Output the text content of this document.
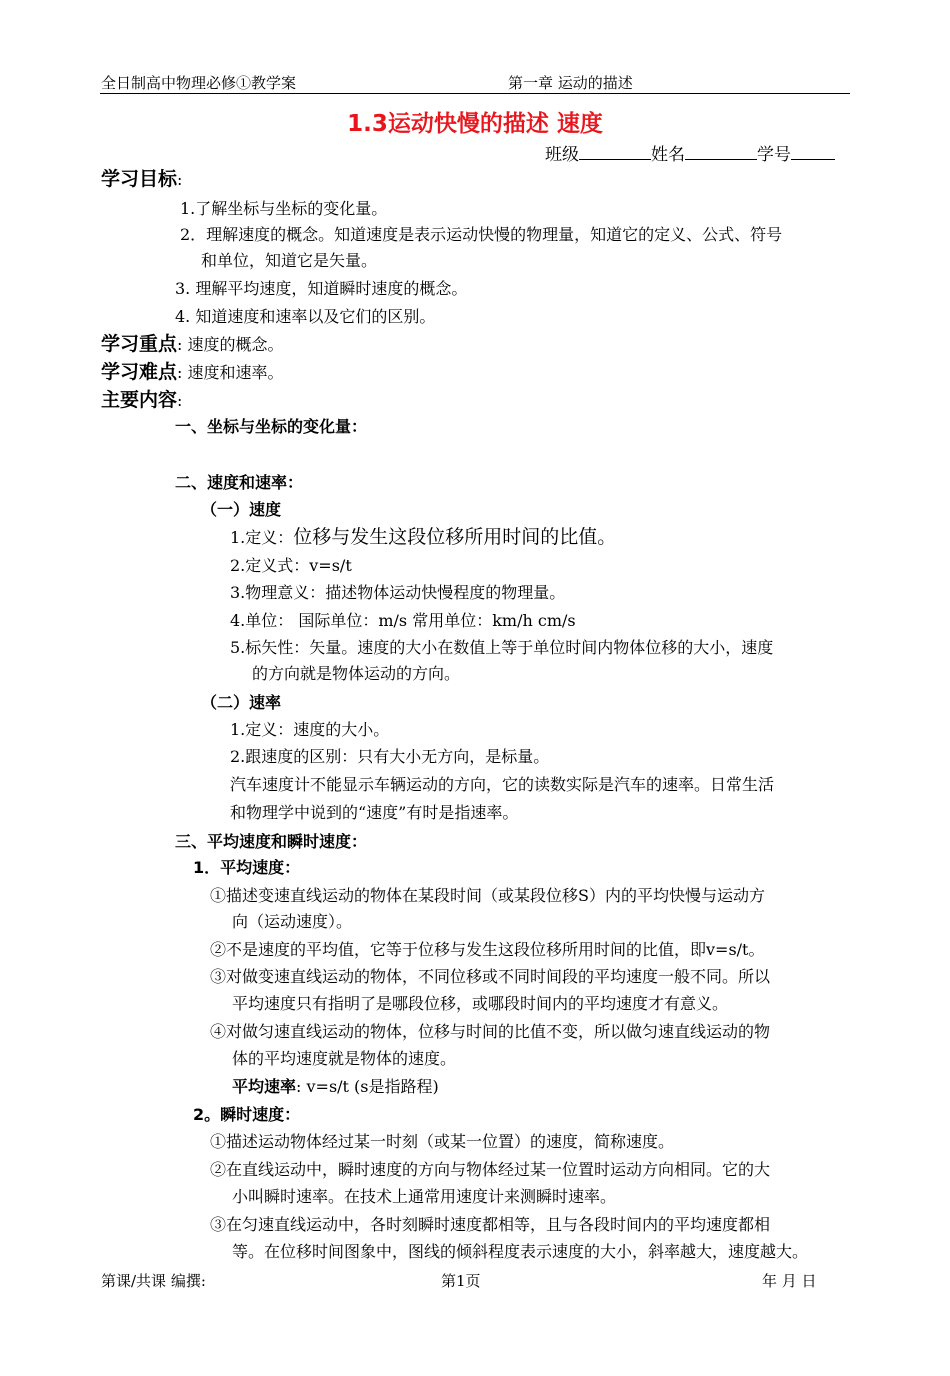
全日制高中物理必修①教学案	第一章 运动的描述
1.3运动快慢的描述 速度
班级	姓名	学号
学习目标:
1.了解坐标与坐标的变化量。
2．理解速度的概念。知道速度是表示运动快慢的物理量，知道它的定义、公式、符号
和单位，知道它是矢量。
3. 理解平均速度，知道瞬时速度的概念。
4. 知道速度和速率以及它们的区别。
学习重点: 速度的概念。
学习难点: 速度和速率。
主要内容:
一、坐标与坐标的变化量：
二、速度和速率：
（一）速度
1.定义：位移与发生这段位移所用时间的比值。
2.定义式：v=s/t
3.物理意义：描述物体运动快慢程度的物理量。
4.单位： 国际单位：m/s 常用单位：km/h cm/s
5.标矢性：矢量。速度的大小在数值上等于单位时间内物体位移的大小，速度
的方向就是物体运动的方向。
（二）速率
1.定义：速度的大小。
2.跟速度的区别：只有大小无方向，是标量。
汽车速度计不能显示车辆运动的方向，它的读数实际是汽车的速率。日常生活
和物理学中说到的“速度”有时是指速率。
三、平均速度和瞬时速度：
1．平均速度：
①描述变速直线运动的物体在某段时间（或某段位移S）内的平均快慢与运动方
向（运动速度）。
②不是速度的平均值，它等于位移与发生这段位移所用时间的比值，即v=s/t。
③对做变速直线运动的物体，不同位移或不同时间段的平均速度一般不同。所以
平均速度只有指明了是哪段位移，或哪段时间内的平均速度才有意义。
④对做匀速直线运动的物体，位移与时间的比值不变，所以做匀速直线运动的物
体的平均速度就是物体的速度。
平均速率: v=s/t (s是指路程)
2。瞬时速度：
①描述运动物体经过某一时刻（或某一位置）的速度，简称速度。
②在直线运动中，瞬时速度的方向与物体经过某一位置时运动方向相同。它的大
小叫瞬时速率。在技术上通常用速度计来测瞬时速率。
③在匀速直线运动中，各时刻瞬时速度都相等，且与各段时间内的平均速度都相
等。在位移时间图象中，图线的倾斜程度表示速度的大小，斜率越大，速度越大。
第课/共课 编撰:	第1页	年 月 日
